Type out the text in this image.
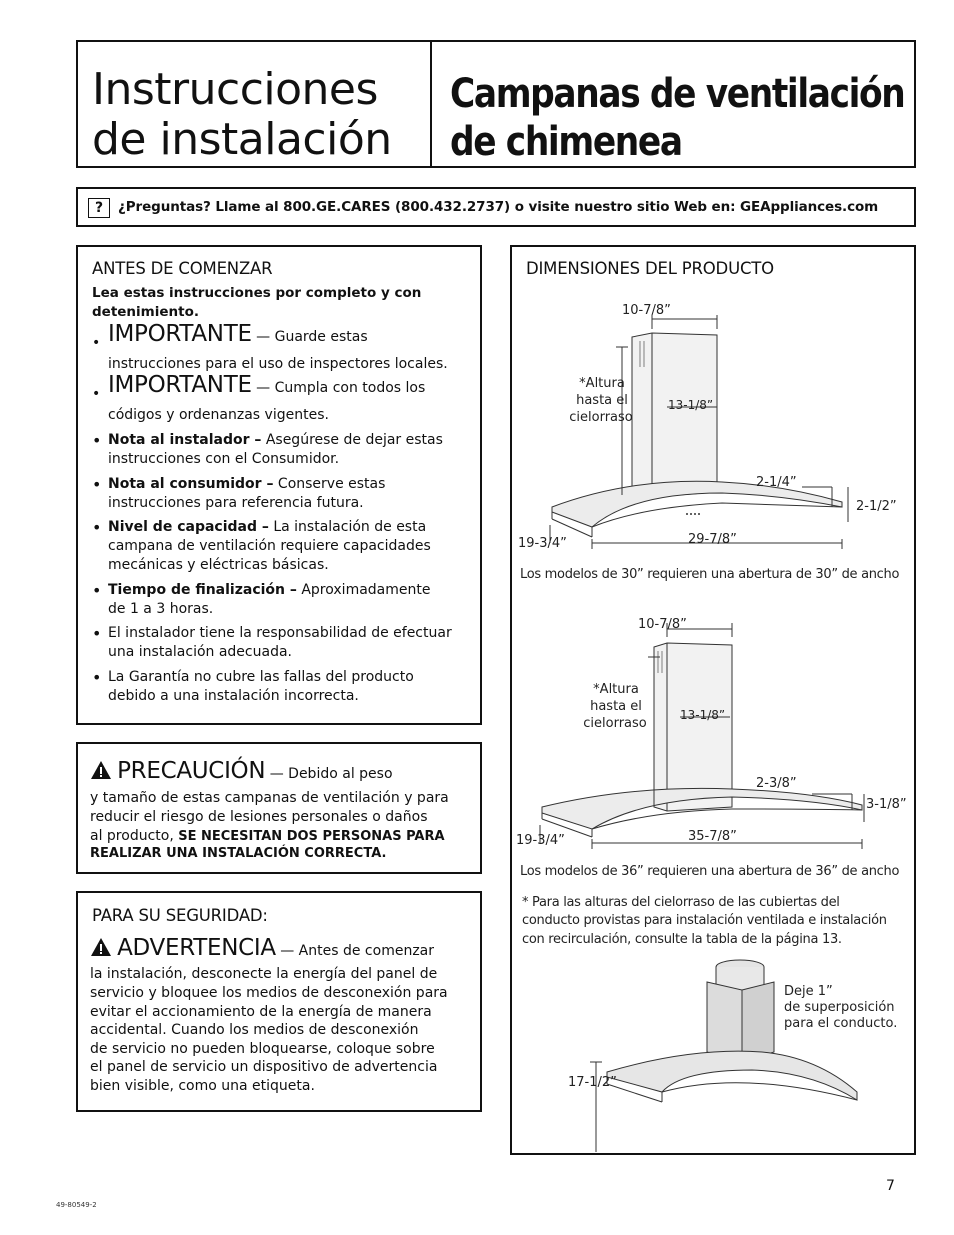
Instrucciones
de instalación
Campanas de ventilación
de chimenea
?	¿Preguntas? Llame al 800.GE.CARES (800.432.2737) o visite nuestro sitio Web en: GEAppliances.com
ANTES DE COMENZAR
Lea estas instrucciones por completo y con
detenimiento.
• IMPORTANTE — Guarde estas
instrucciones para el uso de inspectores locales.
• IMPORTANTE — Cumpla con todos los
códigos y ordenanzas vigentes.
• Nota al instalador – Asegúrese de dejar estas
instrucciones con el Consumidor.
• Nota al consumidor – Conserve estas
instrucciones para referencia futura.
• Nivel de capacidad – La instalación de esta
campana de ventilación requiere capacidades
mecánicas y eléctricas básicas.
• Tiempo de finalización – Aproximadamente
de 1 a 3 horas.
• El instalador tiene la responsabilidad de efectuar
una instalación adecuada.
• La Garantía no cubre las fallas del producto
debido a una instalación incorrecta.
PRECAUCIÓN — Debido al peso
y tamaño de estas campanas de ventilación y para
reducir el riesgo de lesiones personales o daños
al producto, SE NECESITAN DOS PERSONAS PARA
REALIZAR UNA INSTALACIÓN CORRECTA.
PARA SU SEGURIDAD:
ADVERTENCIA — Antes de comenzar
la instalación, desconecte la energía del panel de
servicio y bloquee los medios de desconexión para
evitar el accionamiento de la energía de manera
accidental. Cuando los medios de desconexión
de servicio no pueden bloquearse, coloque sobre
el panel de servicio un dispositivo de advertencia
bien visible, como una etiqueta.
DIMENSIONES DEL PRODUCTO
10-7/8”
*Altura
hasta el
cielorraso
13-1/8”
2-1/4”
2-1/2”
19-3/4”	29-7/8”
Los modelos de 30” requieren una abertura de 30” de ancho
10-7/8”
*Altura
hasta el
cielorraso
13-1/8”
2-3/8”
3-1/8”
19-3/4”	35-7/8”
Los modelos de 36” requieren una abertura de 36” de ancho
* Para las alturas del cielorraso de las cubiertas del
conducto provistas para instalación ventilada e instalación
con recirculación, consulte la tabla de la página 13.
Deje 1”
de superposición
para el conducto.
17-1/2”
49-80549-2
7
